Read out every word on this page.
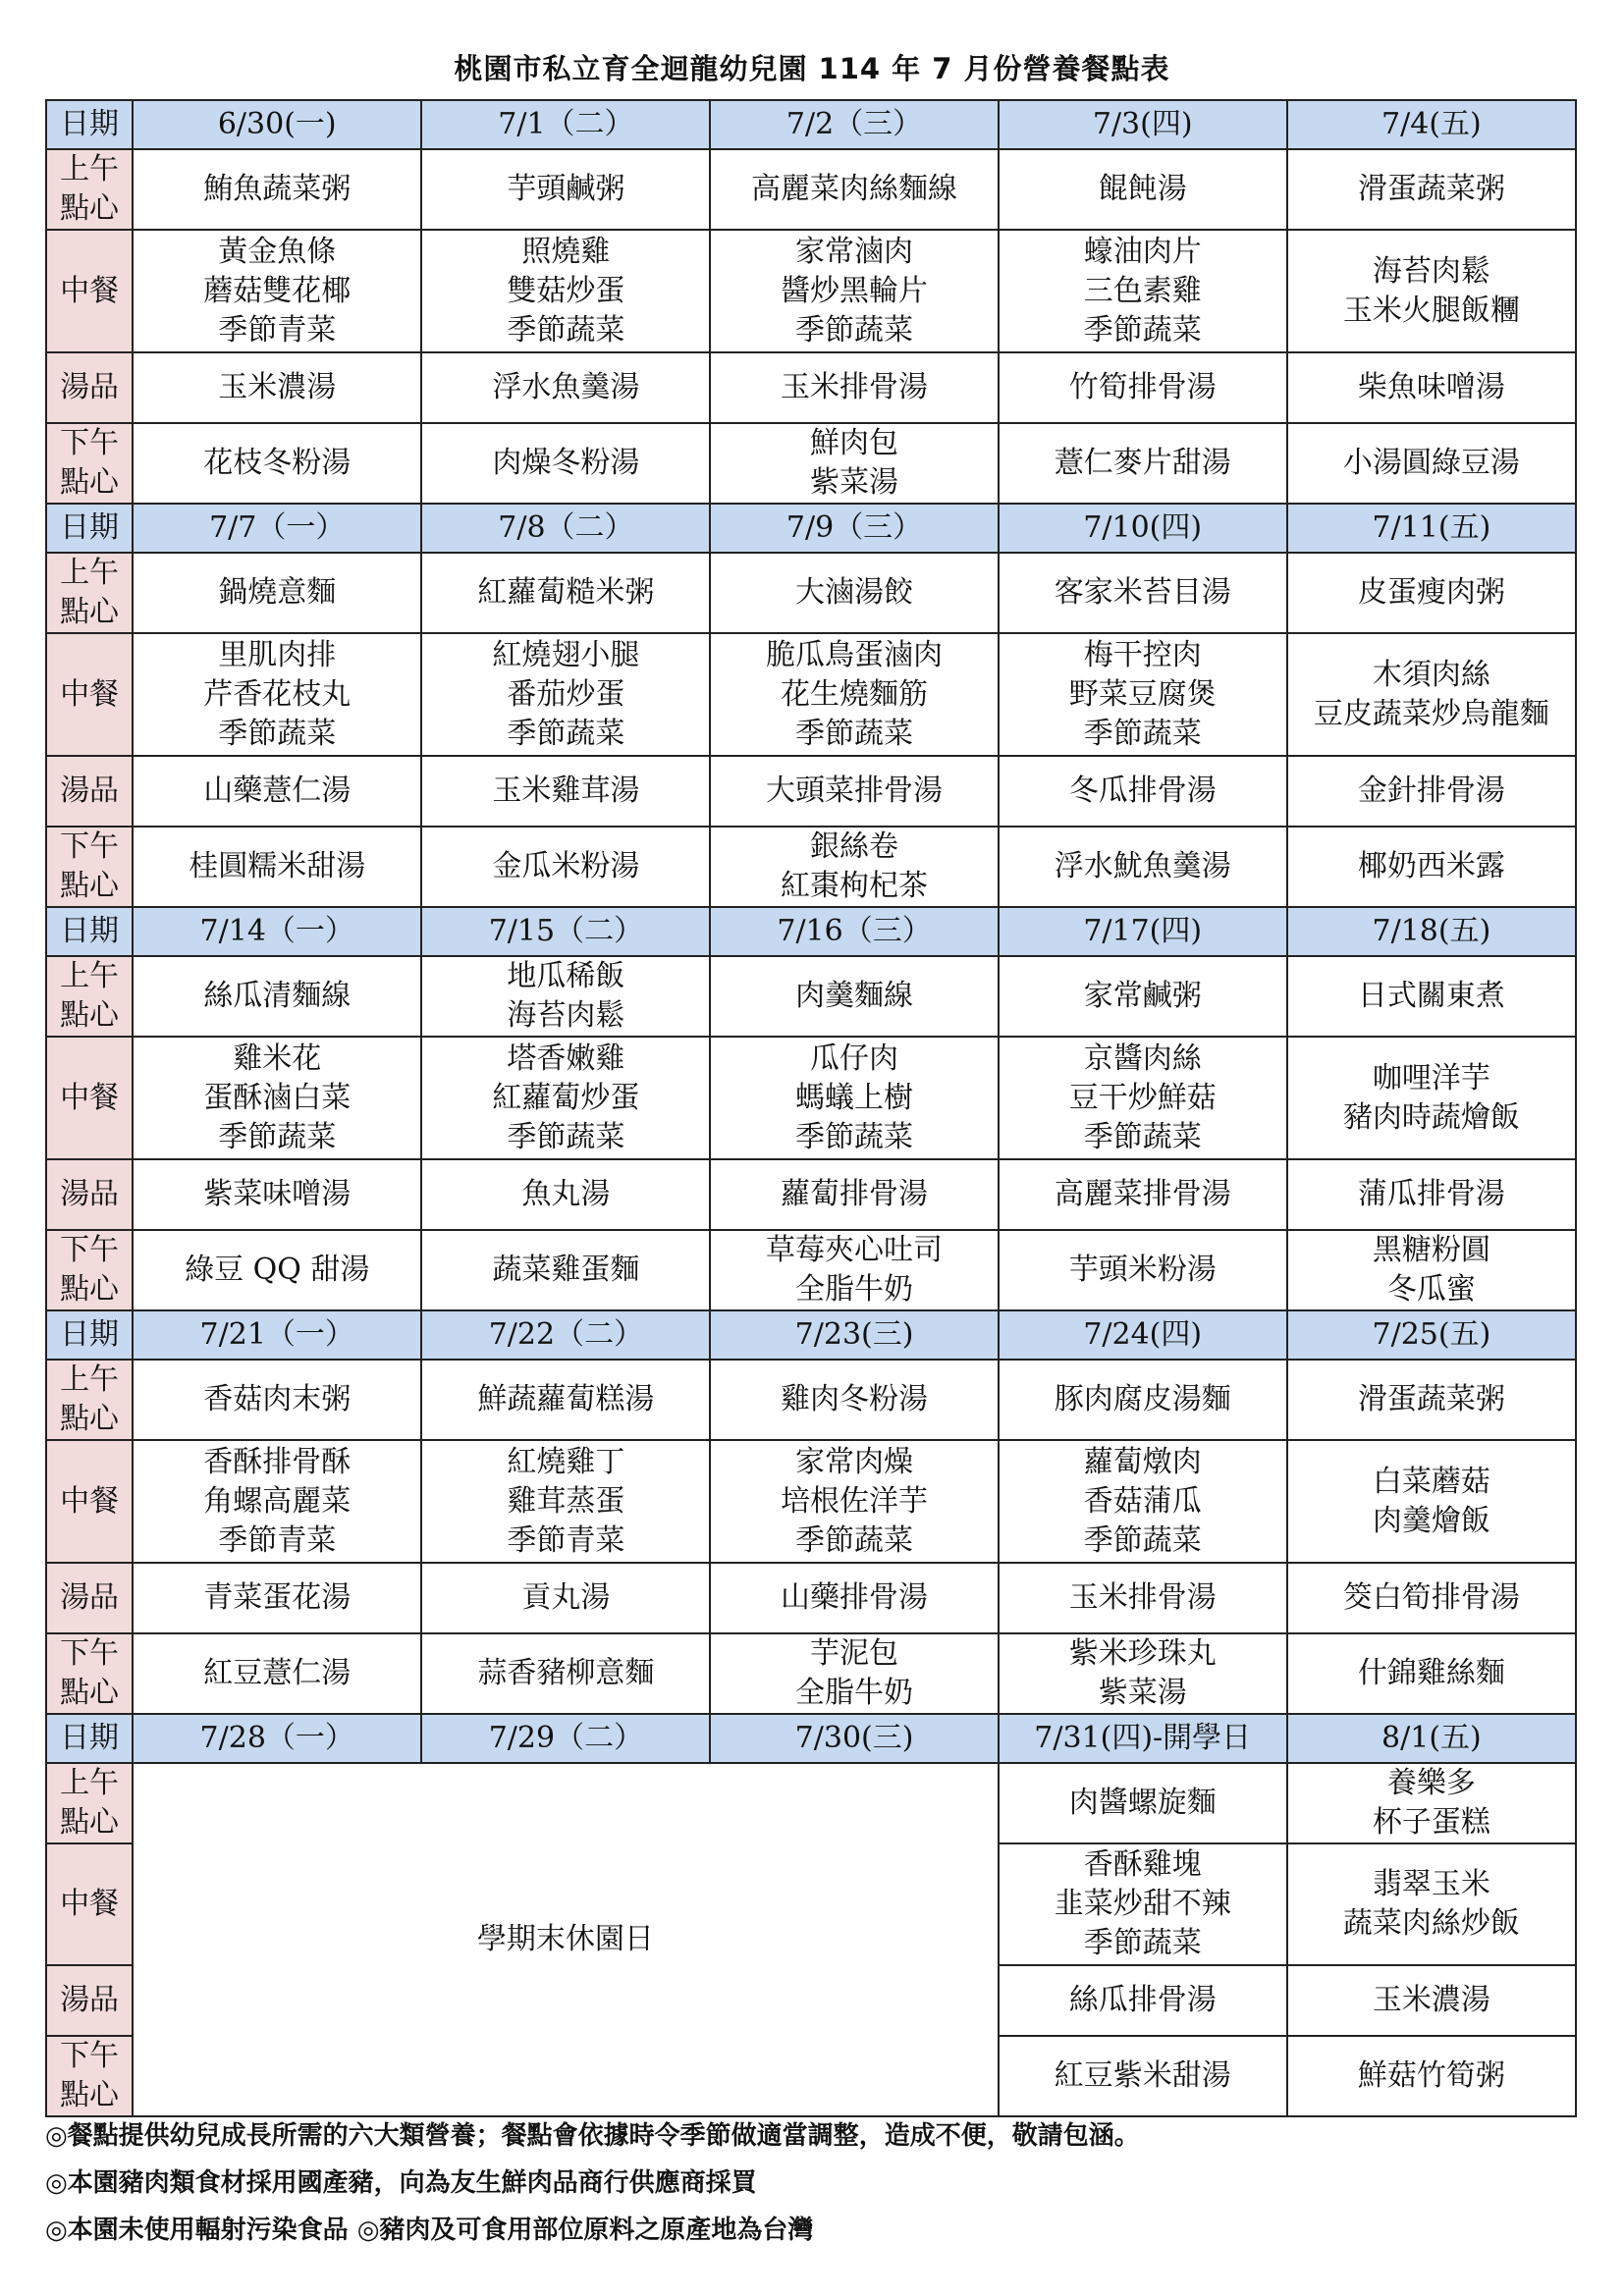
桃園市私立育全迴龍幼兒園 114 年 7 月份營養餐點表
日期	6/30(一)	7/1（二）	7/2（三）	7/3(四)	7/4(五)

上午
點心	鮪魚蔬菜粥	芋頭鹹粥	高麗菜肉絲麵線	餛飩湯	滑蛋蔬菜粥

中餐	黃金魚條
蘑菇雙花椰
季節青菜	照燒雞
雙菇炒蛋
季節蔬菜	家常滷肉
醬炒黑輪片
季節蔬菜	蠔油肉片
三色素雞
季節蔬菜	海苔肉鬆
玉米火腿飯糰

湯品	玉米濃湯	浮水魚羹湯	玉米排骨湯	竹筍排骨湯	柴魚味噌湯

下午
點心	花枝冬粉湯	肉燥冬粉湯	鮮肉包
紫菜湯	薏仁麥片甜湯	小湯圓綠豆湯

日期	7/7（一）	7/8（二）	7/9（三）	7/10(四)	7/11(五)

上午
點心	鍋燒意麵	紅蘿蔔糙米粥	大滷湯餃	客家米苔目湯	皮蛋瘦肉粥

中餐	里肌肉排
芹香花枝丸
季節蔬菜	紅燒翅小腿
番茄炒蛋
季節蔬菜	脆瓜鳥蛋滷肉
花生燒麵筋
季節蔬菜	梅干控肉
野菜豆腐煲
季節蔬菜	木須肉絲
豆皮蔬菜炒烏龍麵

湯品	山藥薏仁湯	玉米雞茸湯	大頭菜排骨湯	冬瓜排骨湯	金針排骨湯

下午
點心	桂圓糯米甜湯	金瓜米粉湯	銀絲卷
紅棗枸杞茶	浮水魷魚羹湯	椰奶西米露

日期	7/14（一）	7/15（二）	7/16（三）	7/17(四)	7/18(五)

上午
點心	絲瓜清麵線	地瓜稀飯
海苔肉鬆	肉羹麵線	家常鹹粥	日式關東煮

中餐	雞米花
蛋酥滷白菜
季節蔬菜	塔香嫩雞
紅蘿蔔炒蛋
季節蔬菜	瓜仔肉
螞蟻上樹
季節蔬菜	京醬肉絲
豆干炒鮮菇
季節蔬菜	咖哩洋芋
豬肉時蔬燴飯

湯品	紫菜味噌湯	魚丸湯	蘿蔔排骨湯	高麗菜排骨湯	蒲瓜排骨湯

下午
點心	綠豆 QQ 甜湯	蔬菜雞蛋麵	草莓夾心吐司
全脂牛奶	芋頭米粉湯	黑糖粉圓
冬瓜蜜

日期	7/21（一）	7/22（二）	7/23(三)	7/24(四)	7/25(五)

上午
點心	香菇肉末粥	鮮蔬蘿蔔糕湯	雞肉冬粉湯	豚肉腐皮湯麵	滑蛋蔬菜粥

中餐	香酥排骨酥
角螺高麗菜
季節青菜	紅燒雞丁
雞茸蒸蛋
季節青菜	家常肉燥
培根佐洋芋
季節蔬菜	蘿蔔燉肉
香菇蒲瓜
季節蔬菜	白菜蘑菇
肉羹燴飯

湯品	青菜蛋花湯	貢丸湯	山藥排骨湯	玉米排骨湯	筊白筍排骨湯

下午
點心	紅豆薏仁湯	蒜香豬柳意麵	芋泥包
全脂牛奶	紫米珍珠丸
紫菜湯	什錦雞絲麵

日期	7/28（一）	7/29（二）	7/30(三)	7/31(四)-開學日	8/1(五)

上午
點心	學期末休園日			肉醬螺旋麵	養樂多
杯子蛋糕

中餐				香酥雞塊
韭菜炒甜不辣
季節蔬菜	翡翠玉米
蔬菜肉絲炒飯

湯品				絲瓜排骨湯	玉米濃湯

下午
點心				紅豆紫米甜湯	鮮菇竹筍粥
◎餐點提供幼兒成長所需的六大類營養；餐點會依據時令季節做適當調整，造成不便，敬請包涵。
◎本園豬肉類食材採用國產豬，向為友生鮮肉品商行供應商採買
◎本園未使用輻射污染食品 ◎豬肉及可食用部位原料之原產地為台灣
